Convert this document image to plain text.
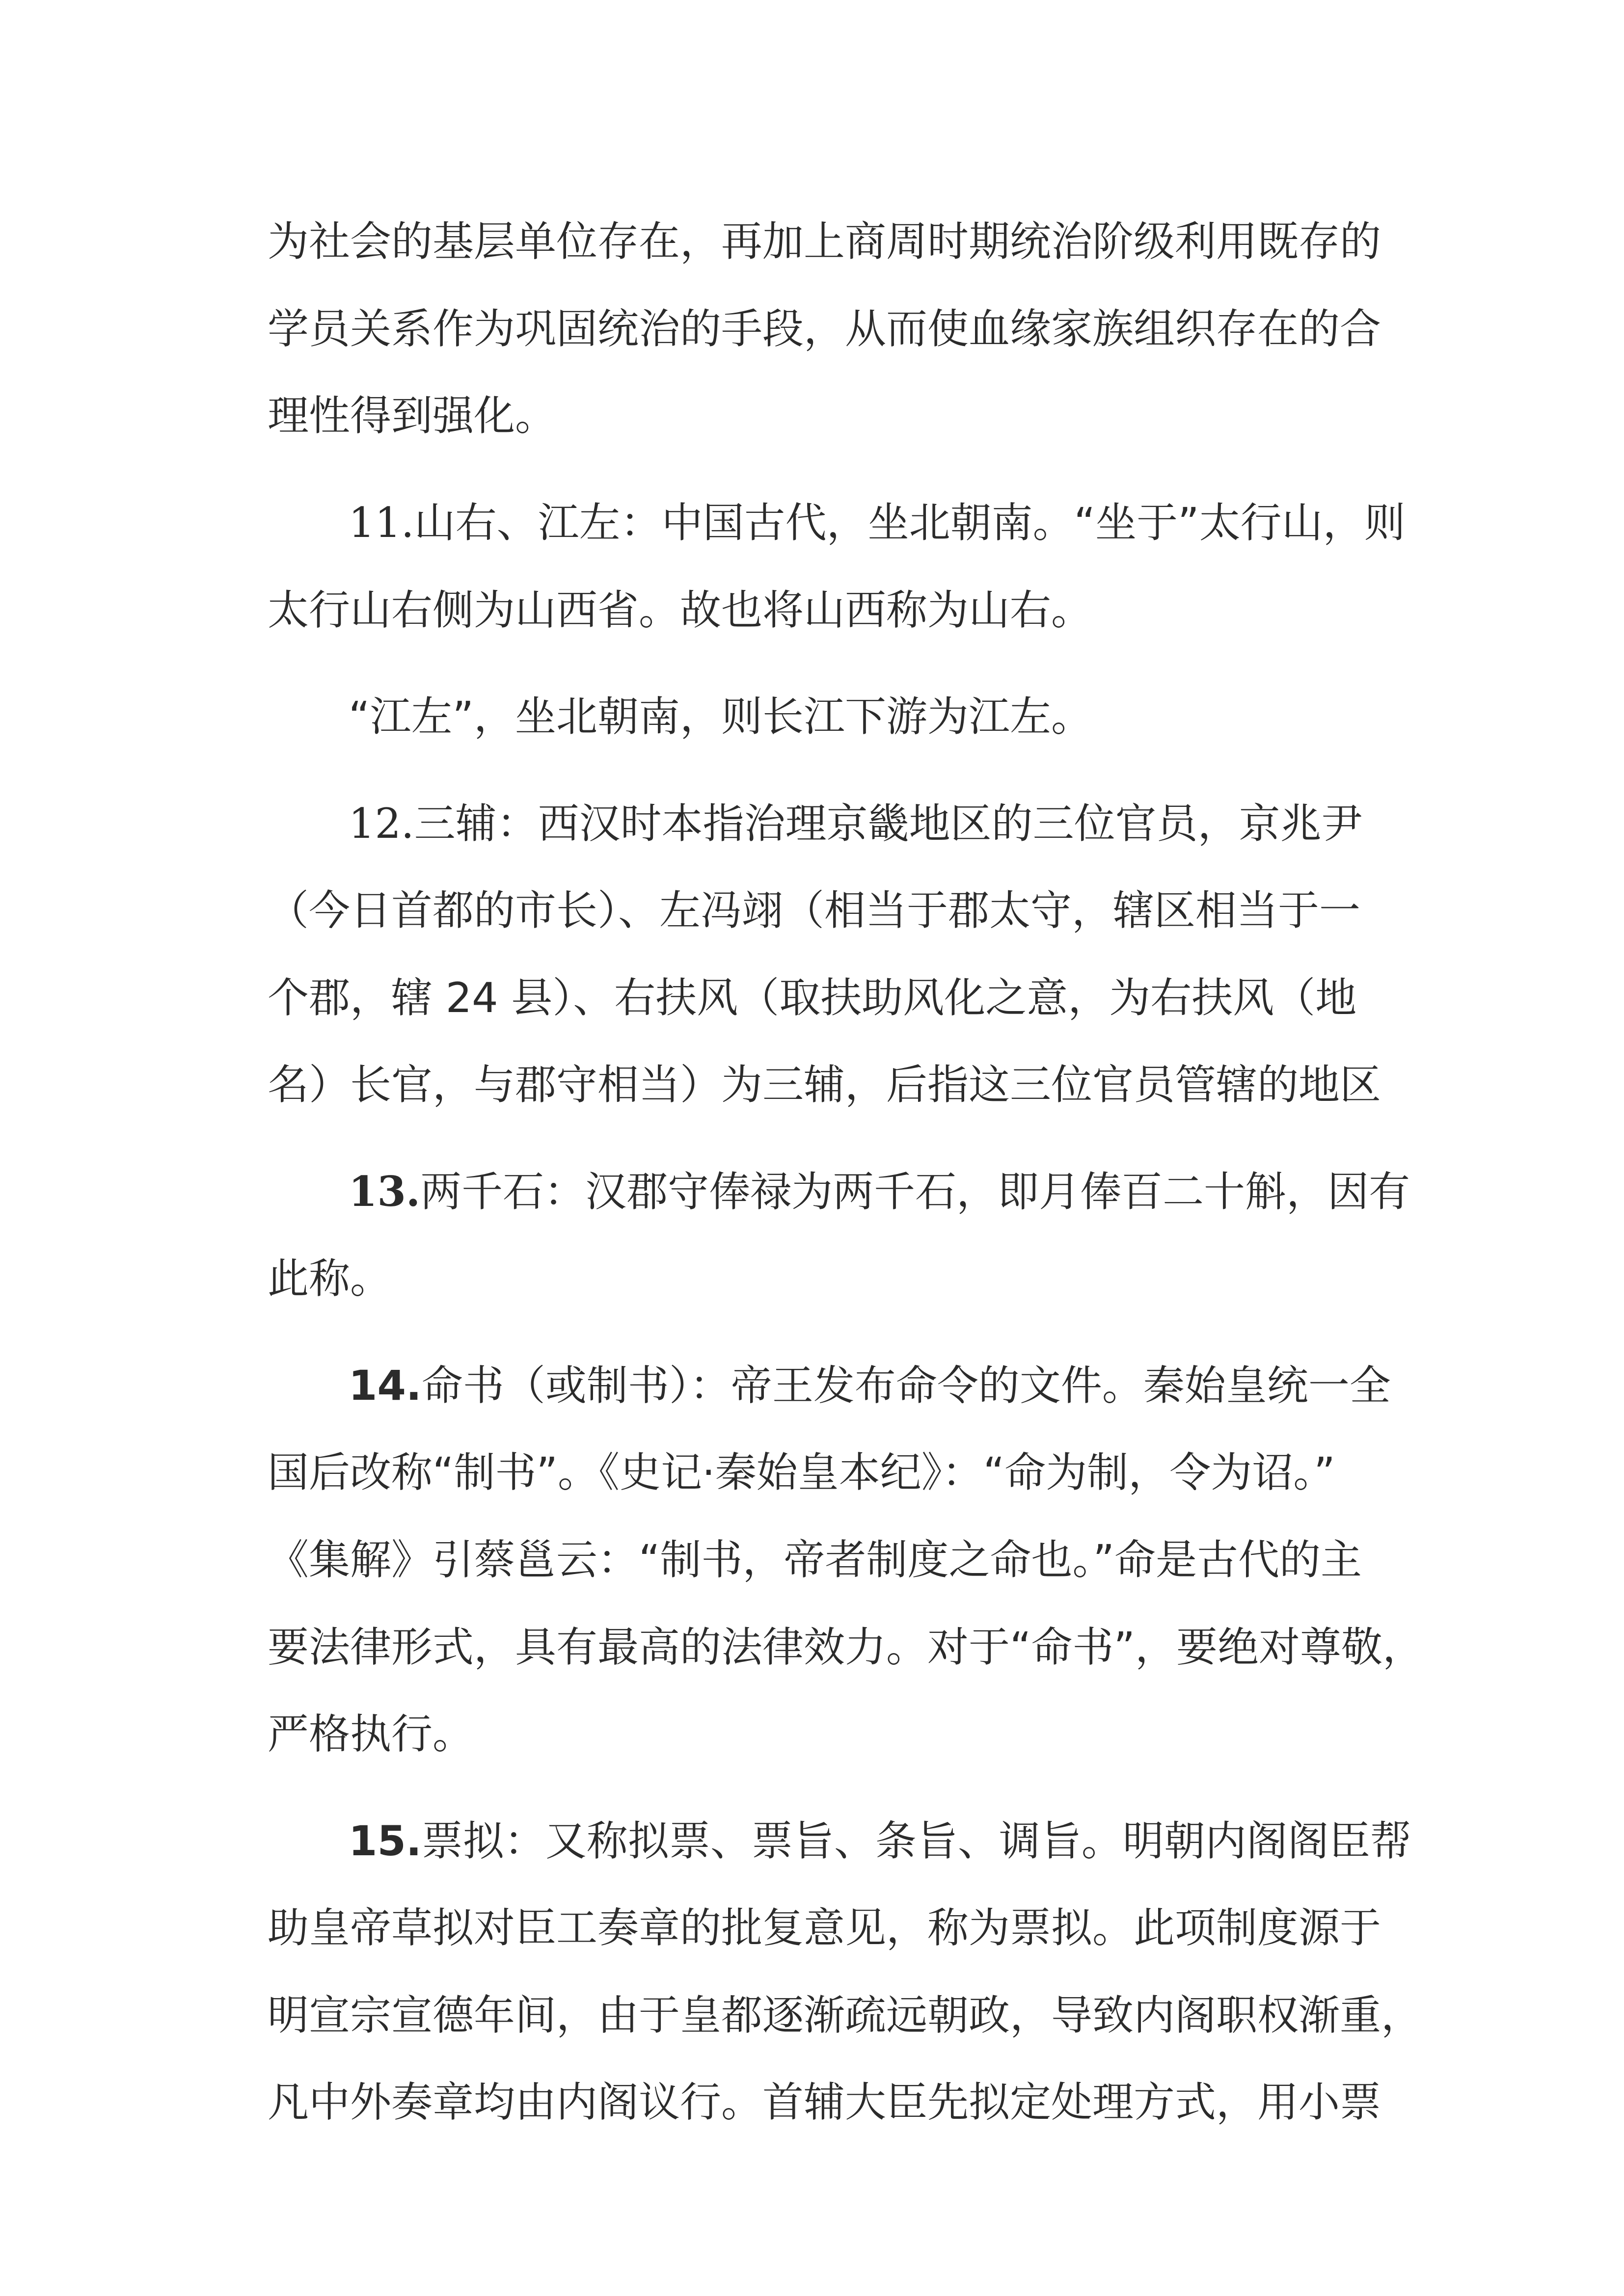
为社会的基层单位存在，再加上商周时期统治阶级利用既存的
学员关系作为巩固统治的手段，从而使血缘家族组织存在的合
理性得到强化。
11.山右、江左：中国古代，坐北朝南。“坐于”太行山，则
太行山右侧为山西省。故也将山西称为山右。
“江左”，坐北朝南，则长江下游为江左。
12.三辅：西汉时本指治理京畿地区的三位官员，京兆尹
（今日首都的市长）、左冯翊（相当于郡太守，辖区相当于一
个郡，辖 24 县）、右扶风（取扶助风化之意，为右扶风（地
名）长官，与郡守相当）为三辅，后指这三位官员管辖的地区
13.两千石：汉郡守俸禄为两千石，即月俸百二十斛，因有
此称。
14.命书（或制书）：帝王发布命令的文件。秦始皇统一全
国后改称“制书”。《史记·秦始皇本纪》：“命为制，令为诏。”
《集解》引蔡邕云：“制书，帝者制度之命也。”命是古代的主
要法律形式，具有最高的法律效力。对于“命书”，要绝对尊敬，
严格执行。
15.票拟：又称拟票、票旨、条旨、调旨。明朝内阁阁臣帮
助皇帝草拟对臣工奏章的批复意见，称为票拟。此项制度源于
明宣宗宣德年间，由于皇都逐渐疏远朝政，导致内阁职权渐重，
凡中外奏章均由内阁议行。首辅大臣先拟定处理方式，用小票
